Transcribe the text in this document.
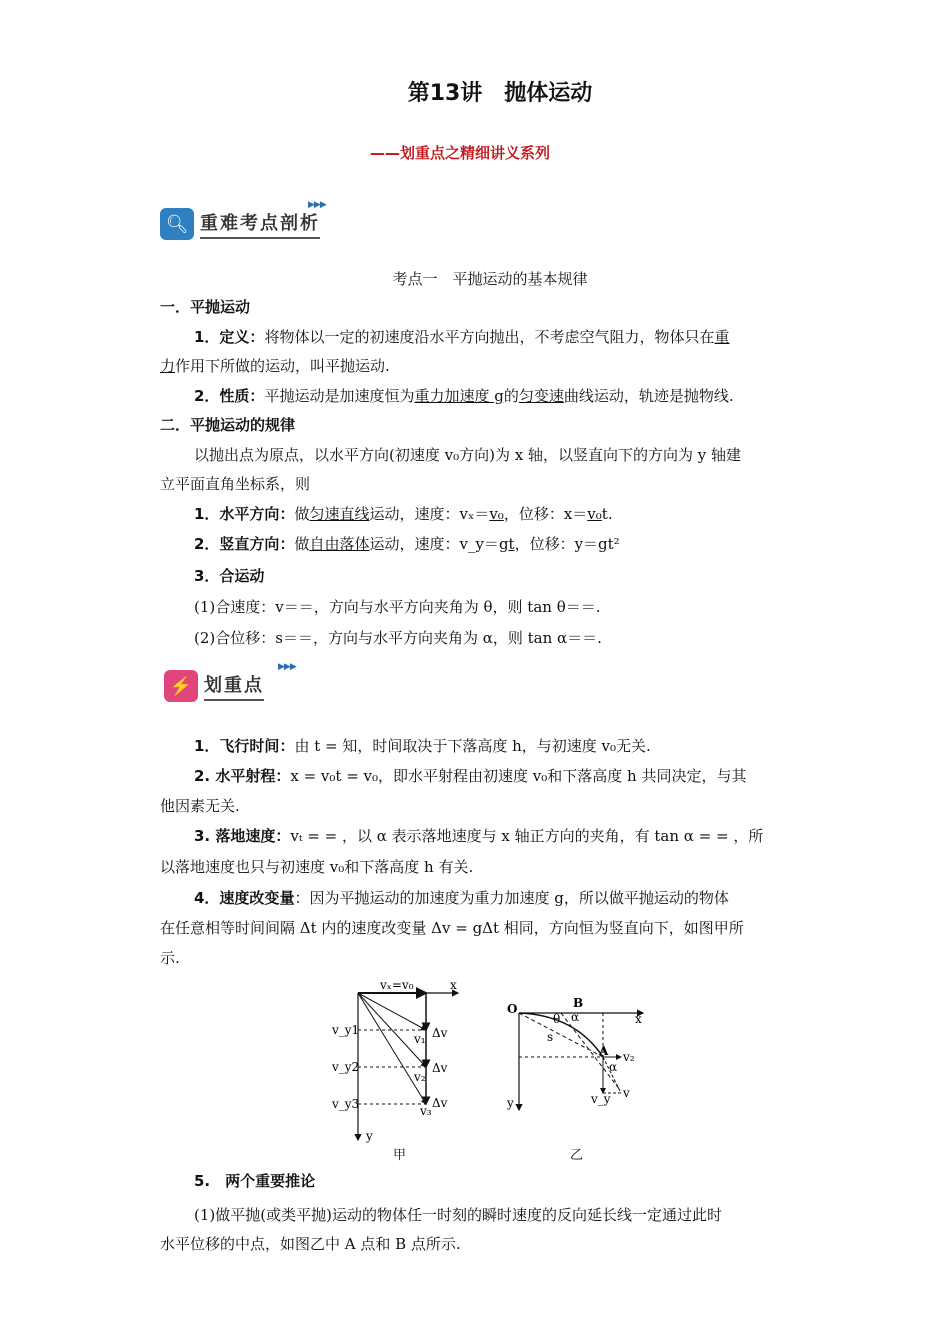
第13讲　抛体运动
——划重点之精细讲义系列
🔍︎ 重难考点剖析
▶▶▶
考点一　平抛运动的基本规律
一．平抛运动
1．定义：将物体以一定的初速度沿水平方向抛出，不考虑空气阻力，物体只在重
力作用下所做的运动，叫平抛运动.
2．性质：平抛运动是加速度恒为重力加速度 g的匀变速曲线运动，轨迹是抛物线.
二．平抛运动的规律
以抛出点为原点，以水平方向(初速度 v₀方向)为 x 轴，以竖直向下的方向为 y 轴建
立平面直角坐标系，则
1．水平方向：做匀速直线运动，速度：vₓ＝v₀，位移：x＝v₀t.
2．竖直方向：做自由落体运动，速度：v_y＝gt，位移：y＝gt²
3．合运动
(1)合速度：v＝＝，方向与水平方向夹角为 θ，则 tan θ＝＝.
(2)合位移：s＝＝，方向与水平方向夹角为 α，则 tan α＝＝.
⚡ 划重点
▶▶▶
1．飞行时间：由 t = 知，时间取决于下落高度 h，与初速度 v₀无关.
2. 水平射程：x = v₀t = v₀，即水平射程由初速度 v₀和下落高度 h 共同决定，与其
他因素无关.
3. 落地速度：vₜ = = ，以 α 表示落地速度与 x 轴正方向的夹角，有 tan α = = ，所
以落地速度也只与初速度 v₀和下落高度 h 有关.
4．速度改变量：因为平抛运动的加速度为重力加速度 g，所以做平抛运动的物体
在任意相等时间间隔 Δt 内的速度改变量 Δv = gΔt 相同，方向恒为竖直向下，如图甲所
示.
vₓ=v₀	x
y
v_y1
v_y2
v_y3
v₁
v₂
v₃
Δv
Δv
Δv
甲
O	B
A
x
y
s
θ α
α
v
v₂
v_y
乙
5.　两个重要推论
(1)做平抛(或类平抛)运动的物体任一时刻的瞬时速度的反向延长线一定通过此时
水平位移的中点，如图乙中 A 点和 B 点所示.
